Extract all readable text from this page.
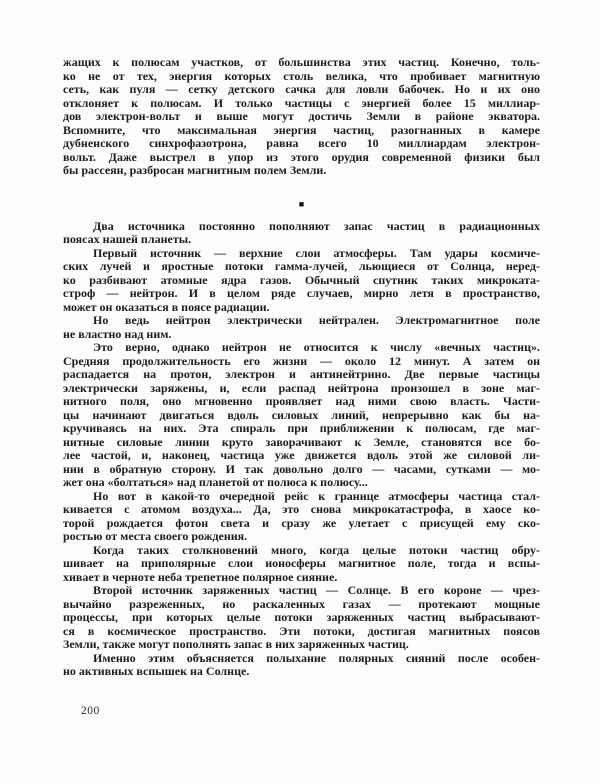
жащих к полюсам участков, от большинства этих частиц. Конечно, толь-
ко не от тех, энергия которых столь велика, что пробивает магнитную
сеть, как пуля — сетку детского сачка для ловли бабочек. Но и их оно
отклоняет к полюсам. И только частицы с энергией более 15 миллиар-
дов электрон-вольт и выше могут достичь Земли в районе экватора.
Вспомните, что максимальная энергия частиц, разогнанных в камере
дубненского синхрофазотрона, равна всего 10 миллиардам электрон-
вольт. Даже выстрел в упор из этого орудия современной физики был
бы рассеян, разбросан магнитным полем Земли.

■

Два источника постоянно пополняют запас частиц в радиационных
поясах нашей планеты.

Первый источник — верхние слои атмосферы. Там удары космиче-
ских лучей и яростные потоки гамма-лучей, льющиеся от Солнца, неред-
ко разбивают атомные ядра газов. Обычный спутник таких микроката-
строф — нейтрон. И в целом ряде случаев, мирно летя в пространство,
может он оказаться в поясе радиации.

Но ведь нейтрон электрически нейтрален. Электромагнитное поле
не властно над ним.

Это верно, однако нейтрон не относится к числу «вечных частиц».
Средняя продолжительность его жизни — около 12 минут. А затем он
распадается на протон, электрон и антинейтрино. Две первые частицы
электрически заряжены, и, если распад нейтрона произошел в зоне маг-
нитного поля, оно мгновенно проявляет над ними свою власть. Части-
цы начинают двигаться вдоль силовых линий, непрерывно как бы на-
кручиваясь на них. Эта спираль при приближении к полюсам, где маг-
нитные силовые линии круто заворачивают к Земле, становятся все бо-
лее частой, и, наконец, частица уже движется вдоль этой же силовой ли-
нии в обратную сторону. И так довольно долго — часами, сутками — мо-
жет она «болтаться» над планетой от полюса к полюсу...

Но вот в какой-то очередной рейс к границе атмосферы частица стал-
кивается с атомом воздуха... Да, это снова микрокатастрофа, в хаосе ко-
торой рождается фотон света и сразу же улетает с присущей ему ско-
ростью от места своего рождения.

Когда таких столкновений много, когда целые потоки частиц обру-
шивает на приполярные слои ионосферы магнитное поле, тогда и вспы-
хивает в черноте неба трепетное полярное сияние.

Второй источник заряженных частиц — Солнце. В его короне — чрез-
вычайно разреженных, но раскаленных газах — протекают мощные
процессы, при которых целые потоки заряженных частиц выбрасывают-
ся в космическое пространство. Эти потоки, достигая магнитных поясов
Земли, также могут пополнять запас в них заряженных частиц.

Именно этим объясняется полыхание полярных сияний после особен-
но активных вспышек на Солнце.

200
